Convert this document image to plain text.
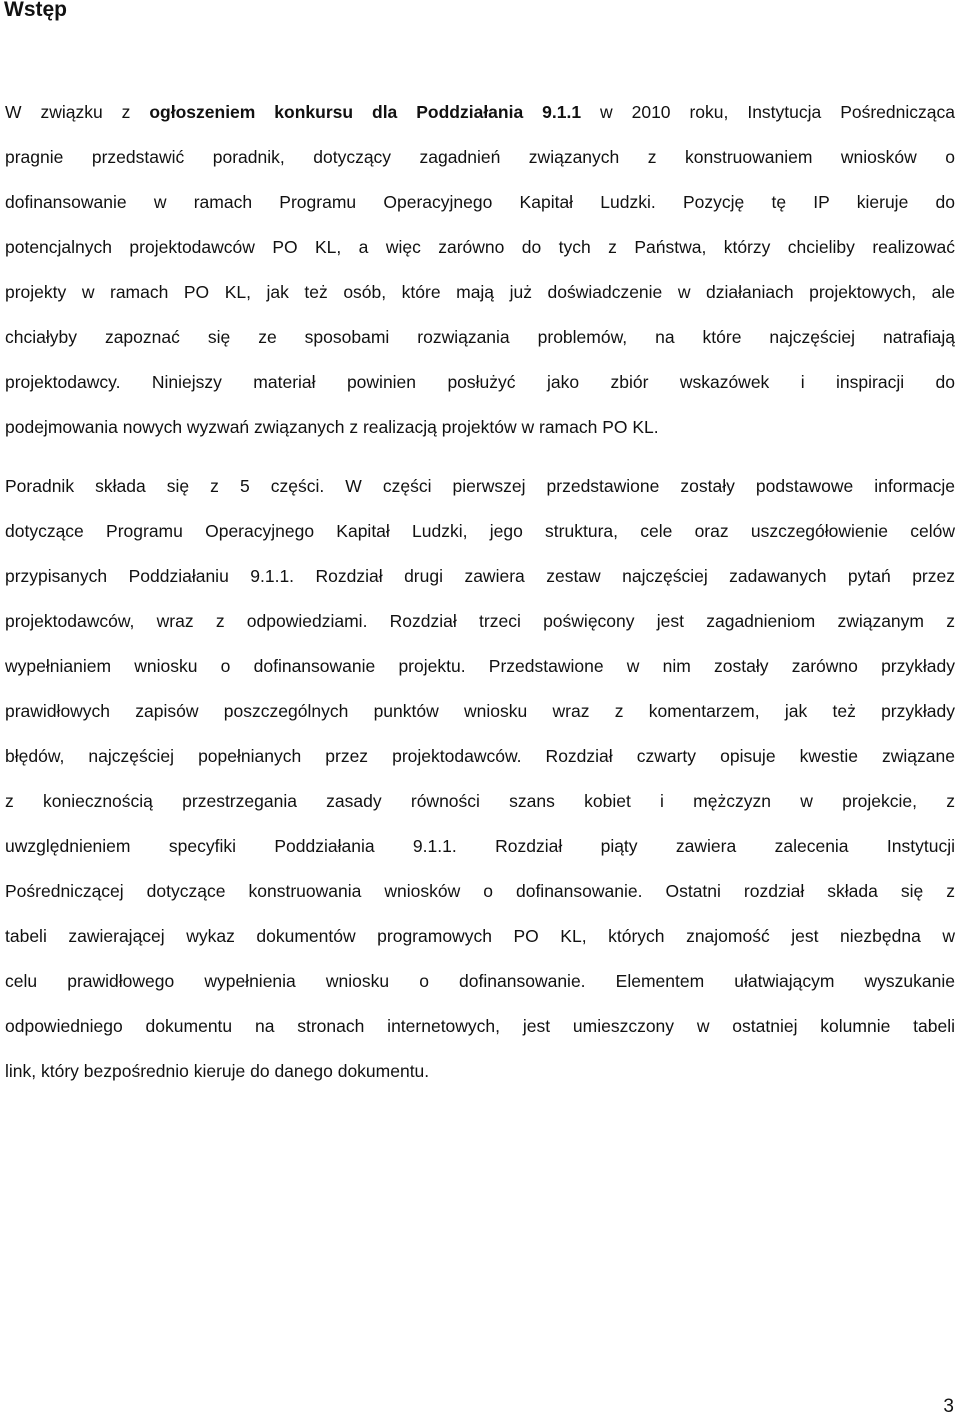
Wstęp
W związku z ogłoszeniem konkursu dla Poddziałania 9.1.1 w 2010 roku, Instytucja Pośrednicząca
pragnie przedstawić poradnik, dotyczący zagadnień związanych z konstruowaniem wniosków o
dofinansowanie w ramach Programu Operacyjnego Kapitał Ludzki. Pozycję tę IP kieruje do
potencjalnych projektodawców PO KL, a więc zarówno do tych z Państwa, którzy chcieliby realizować
projekty w ramach PO KL, jak też osób, które mają już doświadczenie w działaniach projektowych, ale
chciałyby zapoznać się ze sposobami rozwiązania problemów, na które najczęściej natrafiają
projektodawcy. Niniejszy materiał powinien posłużyć jako zbiór wskazówek i inspiracji do
podejmowania nowych wyzwań związanych z realizacją projektów w ramach PO KL.
Poradnik składa się z 5 części. W części pierwszej przedstawione zostały podstawowe informacje
dotyczące Programu Operacyjnego Kapitał Ludzki, jego struktura, cele oraz uszczegółowienie celów
przypisanych Poddziałaniu 9.1.1. Rozdział drugi zawiera zestaw najczęściej zadawanych pytań przez
projektodawców, wraz z odpowiedziami. Rozdział trzeci poświęcony jest zagadnieniom związanym z
wypełnianiem wniosku o dofinansowanie projektu. Przedstawione w nim zostały zarówno przykłady
prawidłowych zapisów poszczególnych punktów wniosku wraz z komentarzem, jak też przykłady
błędów, najczęściej popełnianych przez projektodawców. Rozdział czwarty opisuje kwestie związane
z koniecznością przestrzegania zasady równości szans kobiet i mężczyzn w projekcie, z
uwzględnieniem specyfiki Poddziałania 9.1.1. Rozdział piąty zawiera zalecenia Instytucji
Pośredniczącej dotyczące konstruowania wniosków o dofinansowanie. Ostatni rozdział składa się z
tabeli zawierającej wykaz dokumentów programowych PO KL, których znajomość jest niezbędna w
celu prawidłowego wypełnienia wniosku o dofinansowanie. Elementem ułatwiającym wyszukanie
odpowiedniego dokumentu na stronach internetowych, jest umieszczony w ostatniej kolumnie tabeli
link, który bezpośrednio kieruje do danego dokumentu.
3
